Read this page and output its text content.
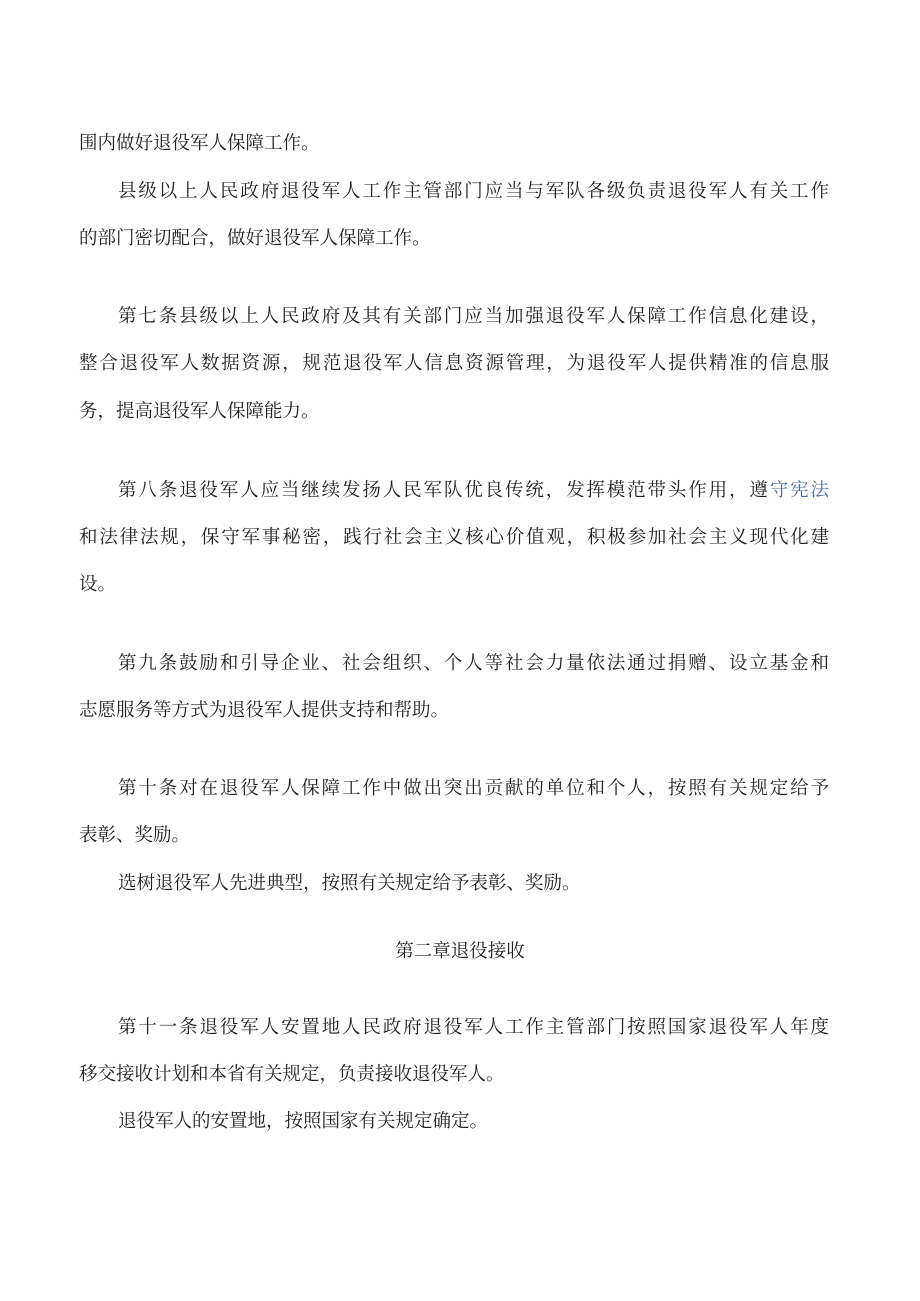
围内做好退役军人保障工作。
县级以上人民政府退役军人工作主管部门应当与军队各级负责退役军人有关工作
的部门密切配合，做好退役军人保障工作。
第七条县级以上人民政府及其有关部门应当加强退役军人保障工作信息化建设，
整合退役军人数据资源，规范退役军人信息资源管理，为退役军人提供精准的信息服
务，提高退役军人保障能力。
第八条退役军人应当继续发扬人民军队优良传统，发挥模范带头作用，遵守宪法
和法律法规，保守军事秘密，践行社会主义核心价值观，积极参加社会主义现代化建
设。
第九条鼓励和引导企业、社会组织、个人等社会力量依法通过捐赠、设立基金和
志愿服务等方式为退役军人提供支持和帮助。
第十条对在退役军人保障工作中做出突出贡献的单位和个人，按照有关规定给予
表彰、奖励。
选树退役军人先进典型，按照有关规定给予表彰、奖励。
第二章退役接收
第十一条退役军人安置地人民政府退役军人工作主管部门按照国家退役军人年度
移交接收计划和本省有关规定，负责接收退役军人。
退役军人的安置地，按照国家有关规定确定。
